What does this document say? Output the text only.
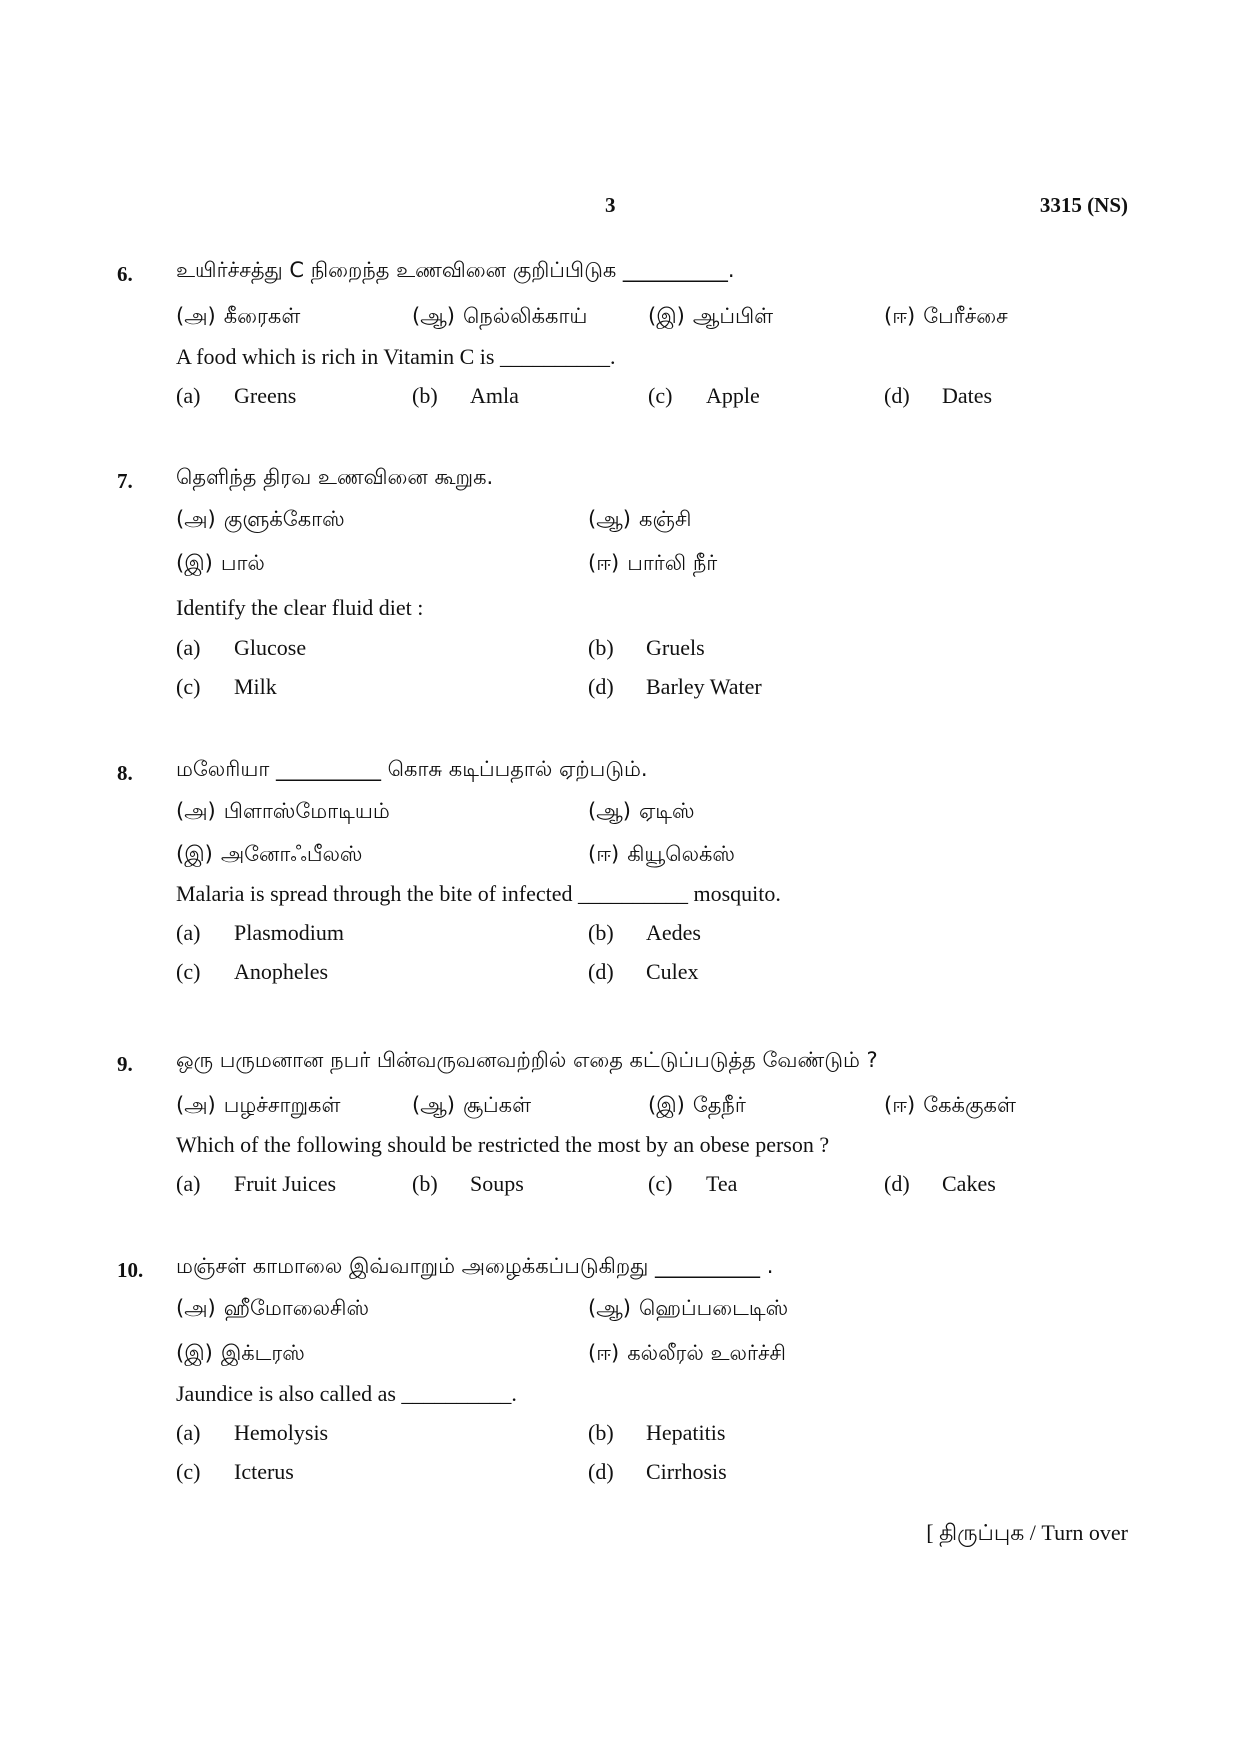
3	3315 (NS)
6. உயிர்ச்சத்து C நிறைந்த உணவினை குறிப்பிடுக __________.
(அ) கீரைகள்	(ஆ) நெல்லிக்காய்	(இ) ஆப்பிள்	(ஈ) பேரீச்சை
A food which is rich in Vitamin C is __________.
(a) Greens	(b) Amla	(c) Apple	(d) Dates
7. தெளிந்த திரவ உணவினை கூறுக.
(அ) குளுக்கோஸ்	(ஆ) கஞ்சி
(இ) பால்	(ஈ) பார்லி நீர்
Identify the clear fluid diet :
(a) Glucose	(b) Gruels
(c) Milk	(d) Barley Water
8. மலேரியா __________ கொசு கடிப்பதால் ஏற்படும்.
(அ) பிளாஸ்மோடியம்	(ஆ) ஏடிஸ்
(இ) அனோஃபீலஸ்	(ஈ) கியூலெக்ஸ்
Malaria is spread through the bite of infected __________ mosquito.
(a) Plasmodium	(b) Aedes
(c) Anopheles	(d) Culex
9. ஒரு பருமனான நபர் பின்வருவனவற்றில் எதை கட்டுப்படுத்த வேண்டும் ?
(அ) பழச்சாறுகள்	(ஆ) சூப்கள்	(இ) தேநீர்	(ஈ) கேக்குகள்
Which of the following should be restricted the most by an obese person ?
(a) Fruit Juices	(b) Soups	(c) Tea	(d) Cakes
10. மஞ்சள் காமாலை இவ்வாறும் அழைக்கப்படுகிறது __________ .
(அ) ஹீமோலைசிஸ்	(ஆ) ஹெப்படைடிஸ்
(இ) இக்டரஸ்	(ஈ) கல்லீரல் உலர்ச்சி
Jaundice is also called as __________.
(a) Hemolysis	(b) Hepatitis
(c) Icterus	(d) Cirrhosis
[ திருப்புக / Turn over
